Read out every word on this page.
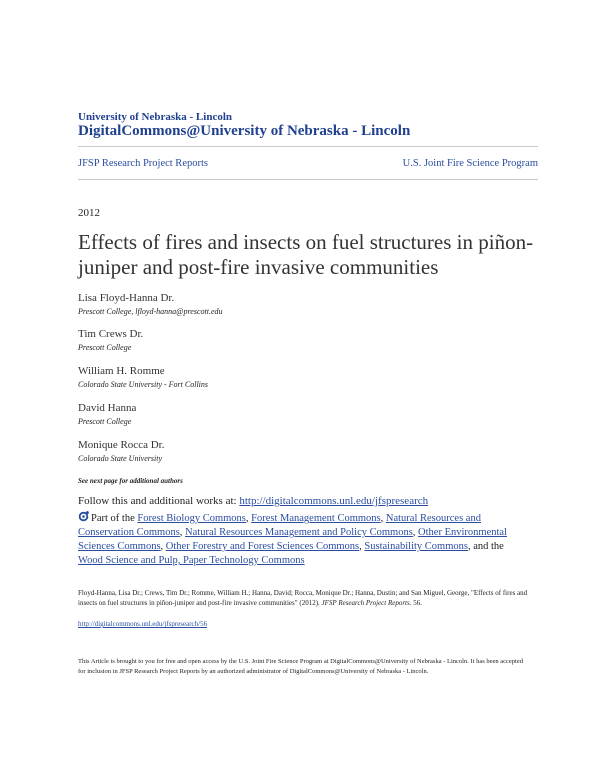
University of Nebraska - Lincoln
DigitalCommons@University of Nebraska - Lincoln
JFSP Research Project Reports	U.S. Joint Fire Science Program
2012
Effects of fires and insects on fuel structures in piñon-juniper and post-fire invasive communities
Lisa Floyd-Hanna Dr.
Prescott College, lfloyd-hanna@prescott.edu
Tim Crews Dr.
Prescott College
William H. Romme
Colorado State University - Fort Collins
David Hanna
Prescott College
Monique Rocca Dr.
Colorado State University
See next page for additional authors
Follow this and additional works at: http://digitalcommons.unl.edu/jfspresearch
Part of the Forest Biology Commons, Forest Management Commons, Natural Resources and Conservation Commons, Natural Resources Management and Policy Commons, Other Environmental Sciences Commons, Other Forestry and Forest Sciences Commons, Sustainability Commons, and the Wood Science and Pulp, Paper Technology Commons
Floyd-Hanna, Lisa Dr.; Crews, Tim Dr.; Romme, William H.; Hanna, David; Rocca, Monique Dr.; Hanna, Dustin; and San Miguel, George, "Effects of fires and insects on fuel structures in piñon-juniper and post-fire invasive communities" (2012). JFSP Research Project Reports. 56.
http://digitalcommons.unl.edu/jfspresearch/56
This Article is brought to you for free and open access by the U.S. Joint Fire Science Program at DigitalCommons@University of Nebraska - Lincoln. It has been accepted for inclusion in JFSP Research Project Reports by an authorized administrator of DigitalCommons@University of Nebraska - Lincoln.
